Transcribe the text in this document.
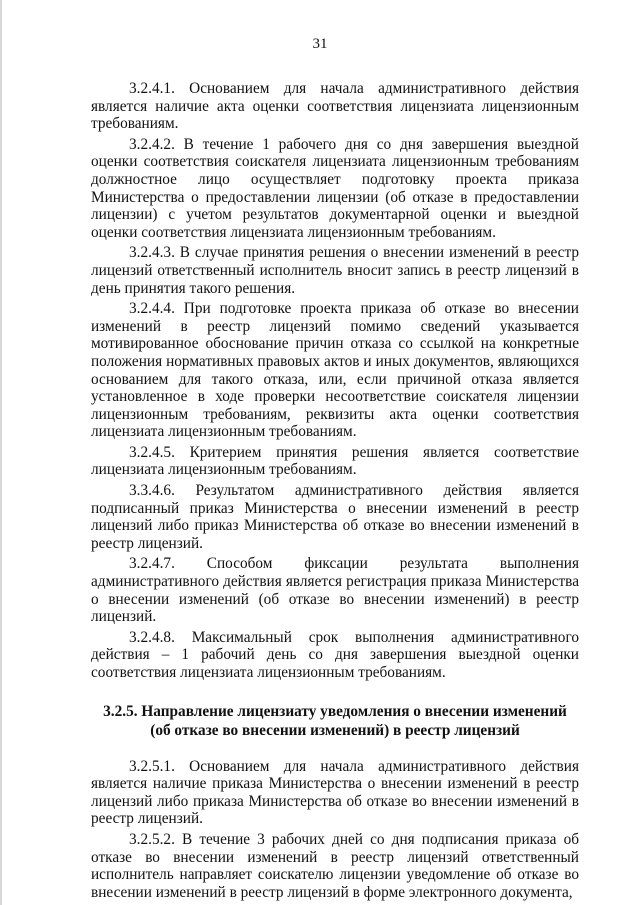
31

3.2.4.1. Основанием для начала административного действия является наличие акта оценки соответствия лицензиата лицензионным требованиям.

3.2.4.2. В течение 1 рабочего дня со дня завершения выездной оценки соответствия соискателя лицензиата лицензионным требованиям должностное лицо осуществляет подготовку проекта приказа Министерства о предоставлении лицензии (об отказе в предоставлении лицензии) с учетом результатов документарной оценки и выездной оценки соответствия лицензиата лицензионным требованиям.

3.2.4.3. В случае принятия решения о внесении изменений в реестр лицензий ответственный исполнитель вносит запись в реестр лицензий в день принятия такого решения.

3.2.4.4. При подготовке проекта приказа об отказе во внесении изменений в реестр лицензий помимо сведений указывается мотивированное обоснование причин отказа со ссылкой на конкретные положения нормативных правовых актов и иных документов, являющихся основанием для такого отказа, или, если причиной отказа является установленное в ходе проверки несоответствие соискателя лицензии лицензионным требованиям, реквизиты акта оценки соответствия лицензиата лицензионным требованиям.

3.2.4.5. Критерием принятия решения является соответствие лицензиата лицензионным требованиям.

3.3.4.6. Результатом административного действия является подписанный приказ Министерства о внесении изменений в реестр лицензий либо приказ Министерства об отказе во внесении изменений в реестр лицензий.

3.2.4.7. Способом фиксации результата выполнения административного действия является регистрация приказа Министерства о внесении изменений (об отказе во внесении изменений) в реестр лицензий.

3.2.4.8. Максимальный срок выполнения административного действия – 1 рабочий день со дня завершения выездной оценки соответствия лицензиата лицензионным требованиям.

3.2.5. Направление лицензиату уведомления о внесении изменений
(об отказе во внесении изменений) в реестр лицензий

3.2.5.1. Основанием для начала административного действия является наличие приказа Министерства о внесении изменений в реестр лицензий либо приказа Министерства об отказе во внесении изменений в реестр лицензий.

3.2.5.2. В течение 3 рабочих дней со дня подписания приказа об отказе во внесении изменений в реестр лицензий ответственный исполнитель направляет соискателю лицензии уведомление об отказе во внесении изменений в реестр лицензий в форме электронного документа,
